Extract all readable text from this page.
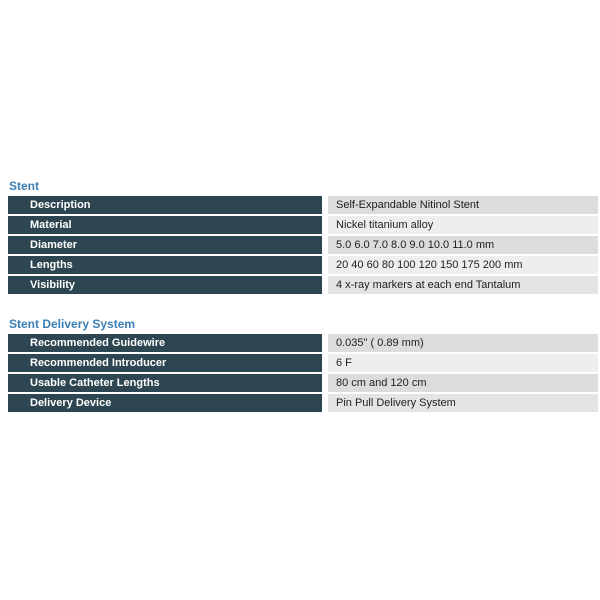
Stent
Description	Self-Expandable Nitinol Stent
Material	Nickel titanium alloy
Diameter	5.0 6.0 7.0 8.0 9.0 10.0 11.0 mm
Lengths	20 40 60 80 100 120 150 175 200 mm
Visibility	4 x-ray markers at each end Tantalum
Stent Delivery System
Recommended Guidewire	0.035" ( 0.89 mm)
Recommended Introducer	6 F
Usable Catheter Lengths	80 cm and 120 cm
Delivery Device	Pin Pull Delivery System
